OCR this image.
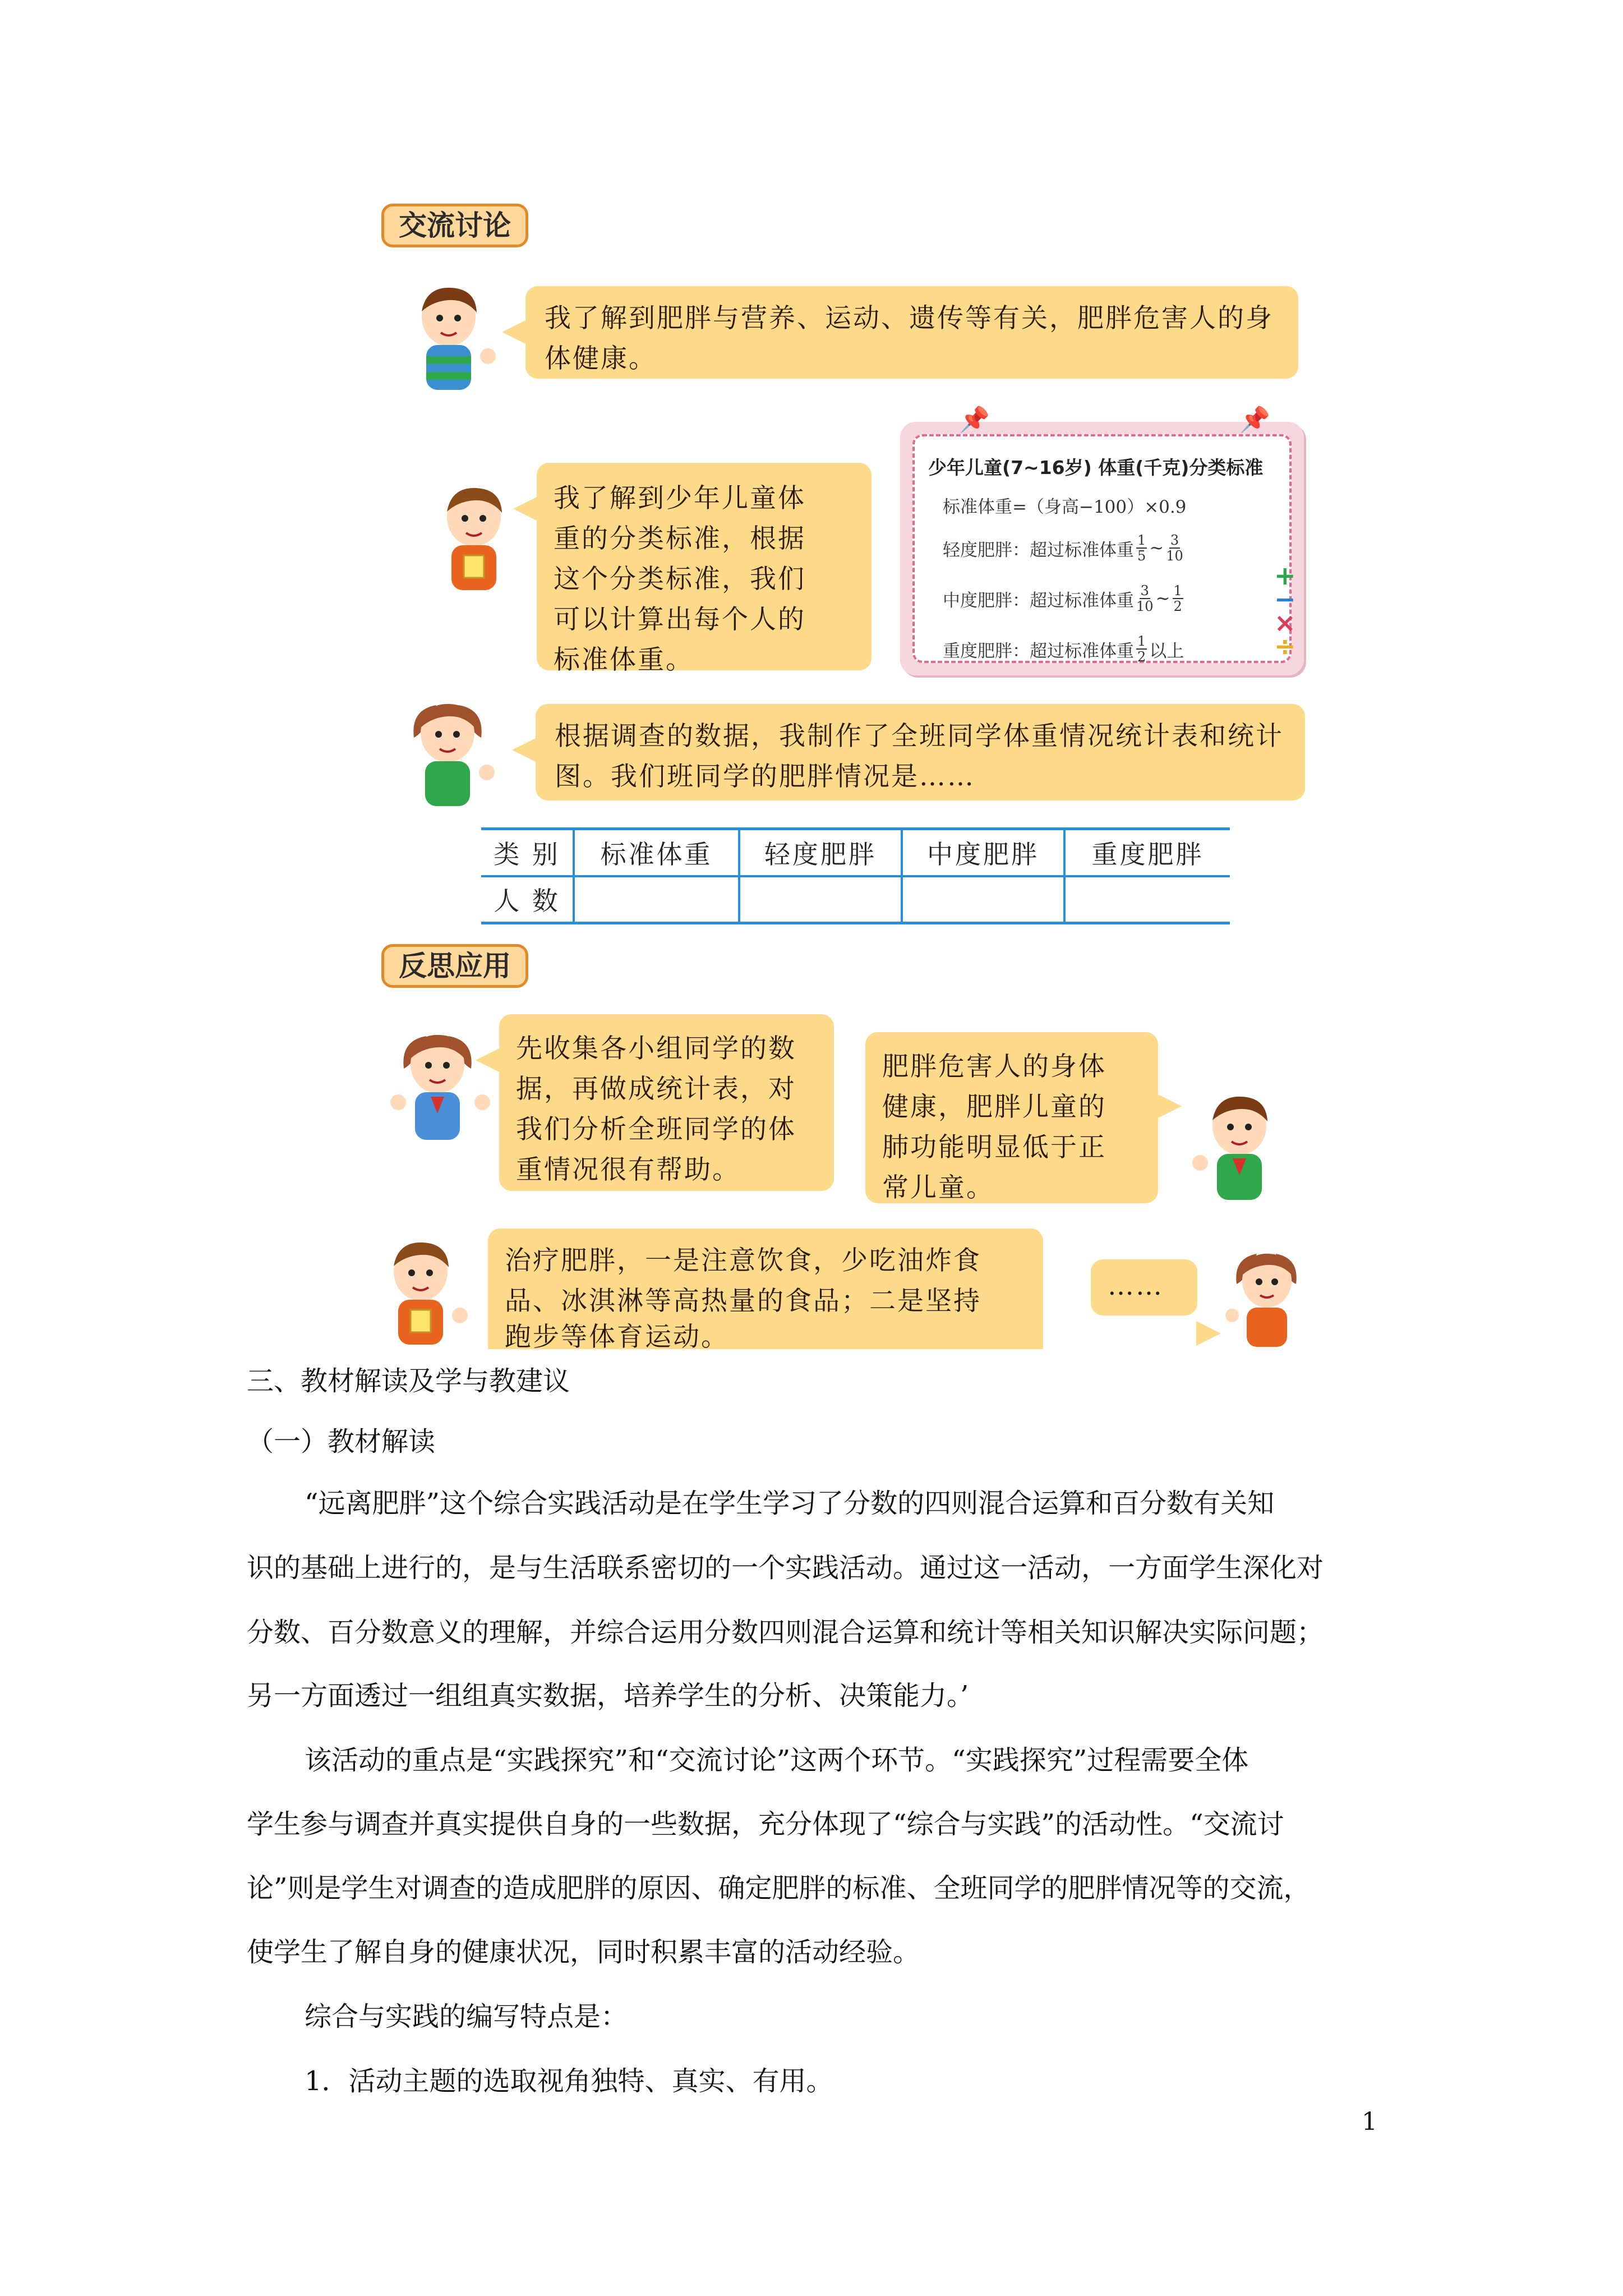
交流讨论
我了解到肥胖与营养、运动、遗传等有关，肥胖危害人的身体健康。
我了解到少年儿童体
重的分类标准，根据
这个分类标准，我们
可以计算出每个人的
标准体重。
📌	📌
少年儿童(7~16岁) 体重(千克)分类标准
标准体重=（身高−100）×0.9
轻度肥胖：超过标准体重 $\frac{1}{5}$ ~ $\frac{3}{10}$
中度肥胖：超过标准体重 $\frac{3}{10}$ ~ $\frac{1}{2}$
重度肥胖：超过标准体重 $\frac{1}{2}$ 以上
+
−
×
÷
根据调查的数据，我制作了全班同学体重情况统计表和统计图。我们班同学的肥胖情况是……
类 别	标准体重	轻度肥胖	中度肥胖	重度肥胖
人 数				
反思应用
先收集各小组同学的数
据，再做成统计表，对
我们分析全班同学的体
重情况很有帮助。
肥胖危害人的身体
健康，肥胖儿童的
肺功能明显低于正
常儿童。
治疗肥胖，一是注意饮食，少吃油炸食
品、冰淇淋等高热量的食品；二是坚持
跑步等体育运动。
……
三、教材解读及学与教建议
（一）教材解读
“远离肥胖”这个综合实践活动是在学生学习了分数的四则混合运算和百分数有关知
识的基础上进行的，是与生活联系密切的一个实践活动。通过这一活动，一方面学生深化对
分数、百分数意义的理解，并综合运用分数四则混合运算和统计等相关知识解决实际问题；
另一方面透过一组组真实数据，培养学生的分析、决策能力。’
该活动的重点是“实践探究”和“交流讨论”这两个环节。“实践探究”过程需要全体
学生参与调查并真实提供自身的一些数据，充分体现了“综合与实践”的活动性。“交流讨
论”则是学生对调查的造成肥胖的原因、确定肥胖的标准、全班同学的肥胖情况等的交流，
使学生了解自身的健康状况，同时积累丰富的活动经验。
综合与实践的编写特点是：
1．活动主题的选取视角独特、真实、有用。
1
